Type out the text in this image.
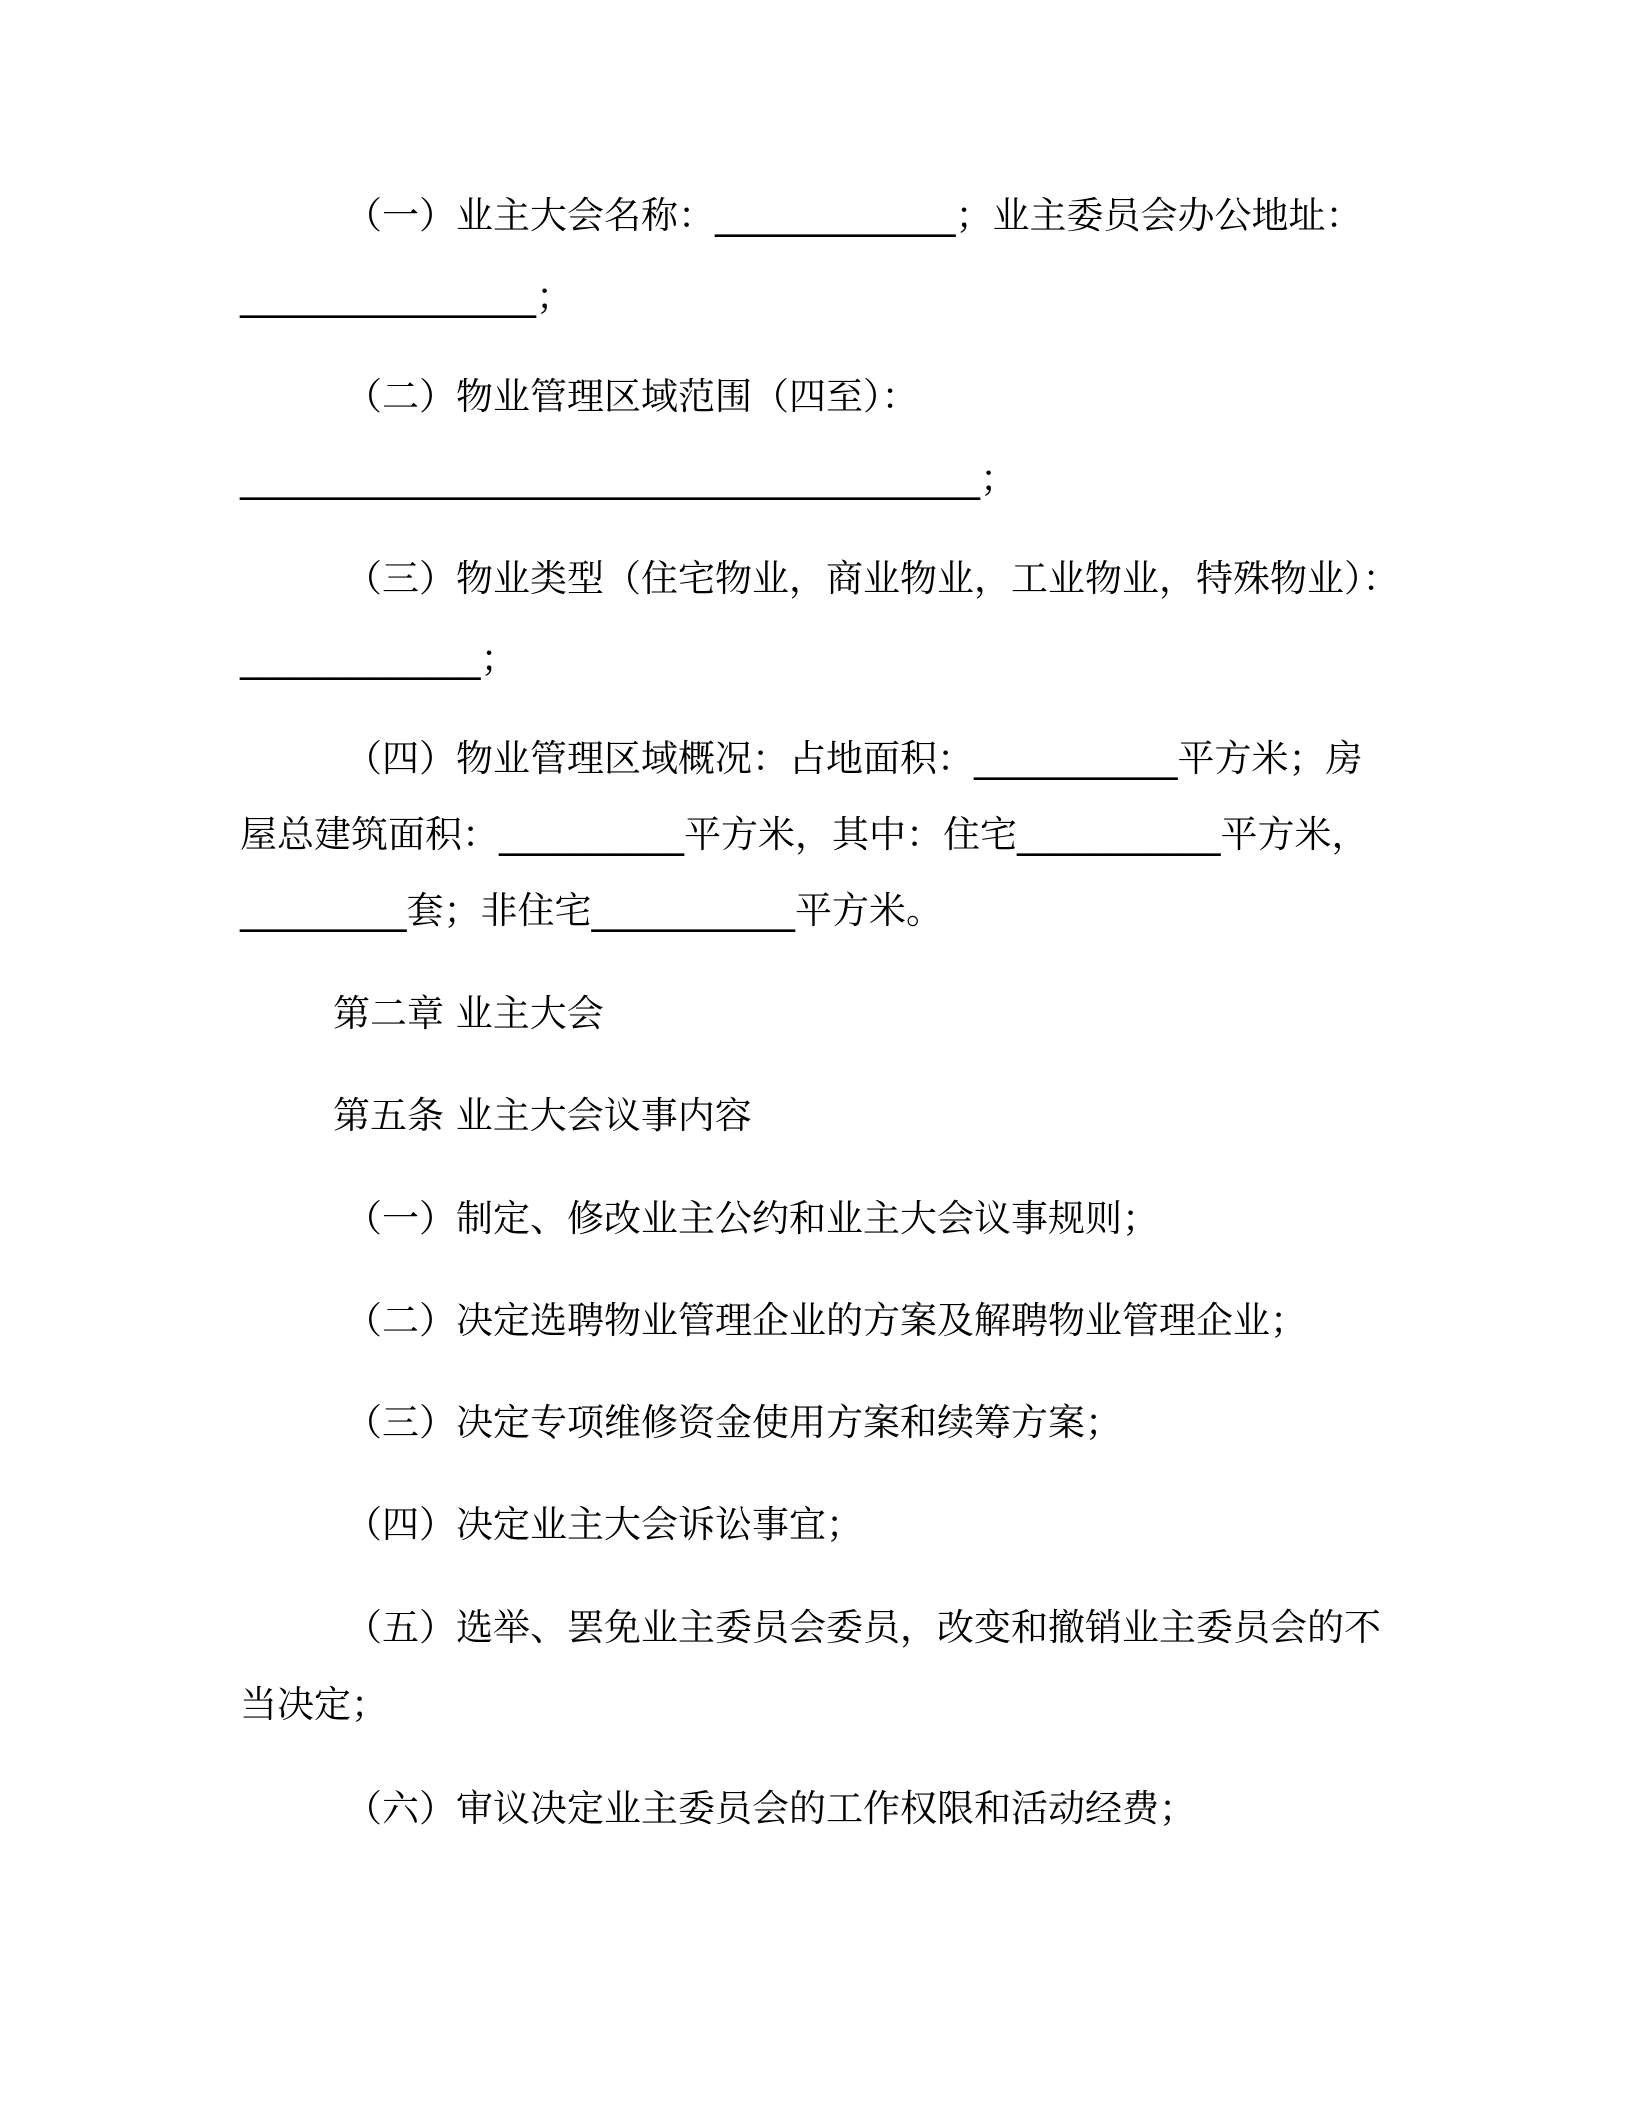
（一）业主大会名称：_____________；业主委员会办公地址：

________________；

（二）物业管理区域范围（四至）：

________________________________________；

（三）物业类型（住宅物业，商业物业，工业物业，特殊物业）：

_____________；

（四）物业管理区域概况：占地面积：___________平方米；房

屋总建筑面积：__________平方米，其中：住宅___________平方米，

_________套；非住宅___________平方米。

第二章 业主大会

第五条 业主大会议事内容

（一）制定、修改业主公约和业主大会议事规则；

（二）决定选聘物业管理企业的方案及解聘物业管理企业；

（三）决定专项维修资金使用方案和续筹方案；

（四）决定业主大会诉讼事宜；

（五）选举、罢免业主委员会委员，改变和撤销业主委员会的不

当决定；

（六）审议决定业主委员会的工作权限和活动经费；
